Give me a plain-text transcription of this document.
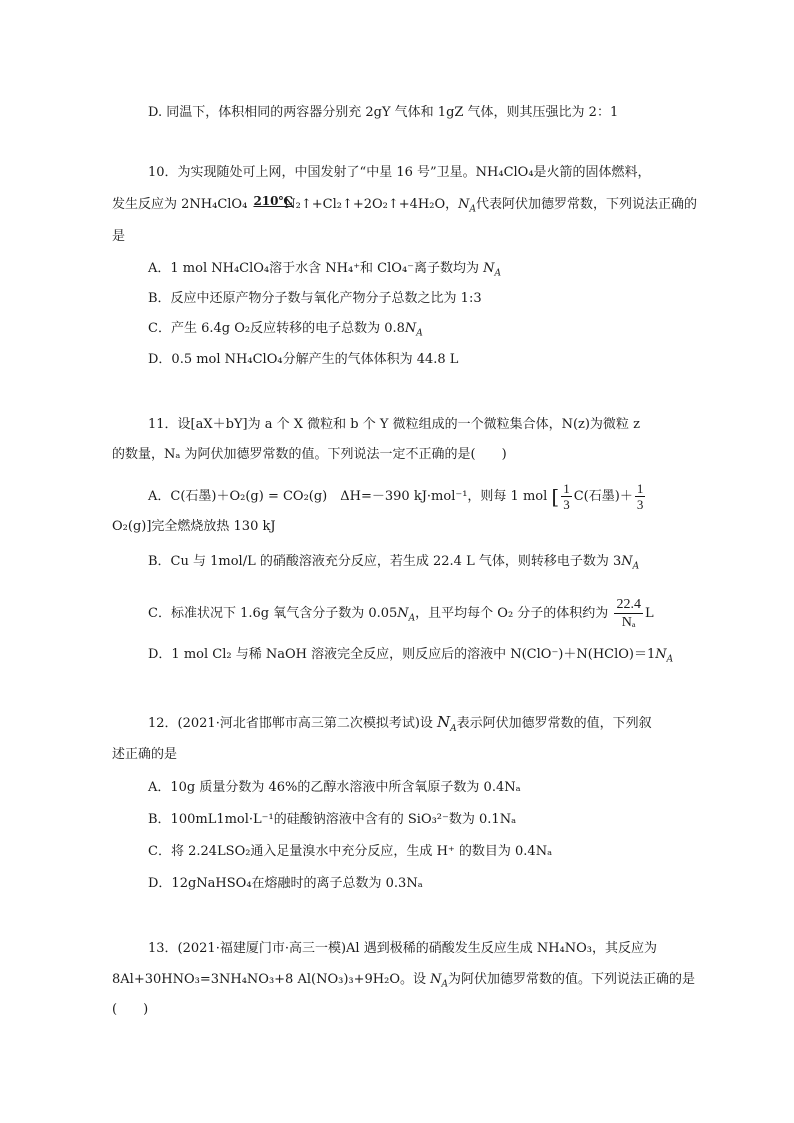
D. 同温下，体积相同的两容器分别充 2gY 气体和 1gZ 气体，则其压强比为 2：1
10．为实现随处可上网，中国发射了“中星 16 号”卫星。NH₄ClO₄是火箭的固体燃料，
发生反应为 2NH₄ClO₄ 210℃
N₂↑+Cl₂↑+2O₂↑+4H₂O，$N_A$代表阿伏加德罗常数，下列说法正确的
是
A．1 mol NH₄ClO₄溶于水含 NH₄⁺和 ClO₄⁻离子数均为 $N_A$
B．反应中还原产物分子数与氧化产物分子总数之比为 1:3
C．产生 6.4g O₂反应转移的电子总数为 $0.8N_A$
D．0.5 mol NH₄ClO₄分解产生的气体体积为 44.8 L
11．设[aX＋bY]为 a 个 X 微粒和 b 个 Y 微粒组成的一个微粒集合体，N(z)为微粒 z
的数量，Nₐ 为阿伏加德罗常数的值。下列说法一定不正确的是(　　)
A．C(石墨)＋O₂(g) = CO₂(g)　ΔH=－390 kJ·mol⁻¹，则每 1 mol [ $\frac{1}{3} C$(石墨)＋ $\frac{1}{3}$
O₂(g)]完全燃烧放热 130 kJ
B．Cu 与 1mol/L 的硝酸溶液充分反应，若生成 22.4 L 气体，则转移电子数为 $3N_A$
C．标准状况下 1.6g 氧气含分子数为 $0.05N_A$，且平均每个 O₂ 分子的体积约为 $\frac{22.4}{\text{Nₐ}}$ L
D．1 mol Cl₂ 与稀 NaOH 溶液完全反应，则反应后的溶液中 $N(ClO^-)+N(HClO)=1N_A$
12．(2021·河北省邯郸市高三第二次模拟考试)设 $N_A$表示阿伏加德罗常数的值，下列叙
述正确的是
A．10g 质量分数为 46%的乙醇水溶液中所含氧原子数为 0.4Nₐ
B．100mL1mol·L⁻¹的硅酸钠溶液中含有的 SiO₃²⁻数为 0.1Nₐ
C．将 2.24LSO₂通入足量溴水中充分反应，生成 H⁺ 的数目为 0.4Nₐ
D．12gNaHSO₄在熔融时的离子总数为 0.3Nₐ
13．(2021·福建厦门市·高三一模)Al 遇到极稀的硝酸发生反应生成 NH₄NO₃，其反应为
8Al+30HNO₃=3NH₄NO₃+8 Al(NO₃)₃+9H₂O。设 $N_A$为阿伏加德罗常数的值。下列说法正确的是
(　　)
